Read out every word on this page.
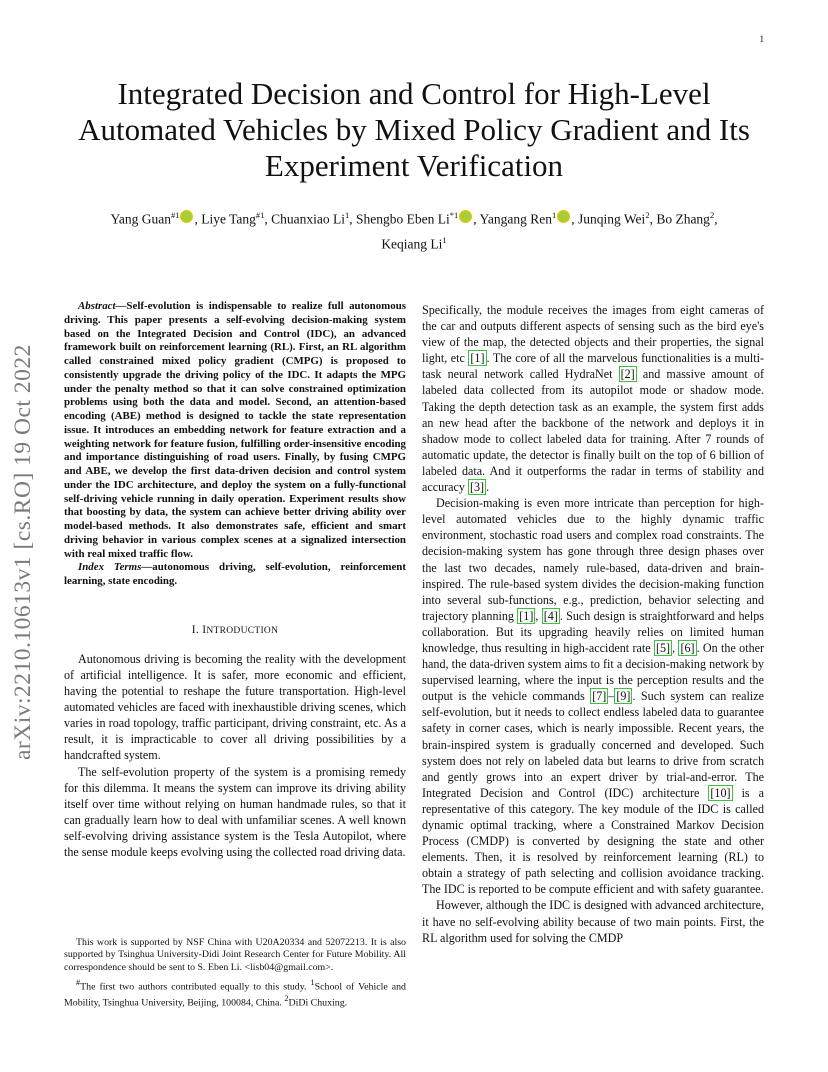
1
arXiv:2210.10613v1 [cs.RO] 19 Oct 2022
Integrated Decision and Control for High-Level Automated Vehicles by Mixed Policy Gradient and Its Experiment Verification
Yang Guan$^{\#1}$ , Liye Tang$^{\#1}$, Chuanxiao Li$^1$, Shengbo Eben Li$^{*1}$ , Yangang Ren$^1$ , Junqing Wei$^2$, Bo Zhang$^2$,
Keqiang Li$^1$

Abstract—Self-evolution is indispensable to realize full autonomous driving. This paper presents a self-evolving decision-making system based on the Integrated Decision and Control (IDC), an advanced framework built on reinforcement learning (RL). First, an RL algorithm called constrained mixed policy gradient (CMPG) is proposed to consistently upgrade the driving policy of the IDC. It adapts the MPG under the penalty method so that it can solve constrained optimization problems using both the data and model. Second, an attention-based encoding (ABE) method is designed to tackle the state representation issue. It introduces an embedding network for feature extraction and a weighting network for feature fusion, fulfilling order-insensitive encoding and importance distinguishing of road users. Finally, by fusing CMPG and ABE, we develop the first data-driven decision and control system under the IDC architecture, and deploy the system on a fully-functional self-driving vehicle running in daily operation. Experiment results show that boosting by data, the system can achieve better driving ability over model-based methods. It also demonstrates safe, efficient and smart driving behavior in various complex scenes at a signalized intersection with real mixed traffic flow.

Index Terms—autonomous driving, self-evolution, reinforcement learning, state encoding.

I. INTRODUCTION

Autonomous driving is becoming the reality with the development of artificial intelligence. It is safer, more economic and efficient, having the potential to reshape the future transportation. High-level automated vehicles are faced with inexhaustible driving scenes, which varies in road topology, traffic participant, driving constraint, etc. As a result, it is impracticable to cover all driving possibilities by a handcrafted system.

The self-evolution property of the system is a promising remedy for this dilemma. It means the system can improve its driving ability itself over time without relying on human handmade rules, so that it can gradually learn how to deal with unfamiliar scenes. A well known self-evolving driving assistance system is the Tesla Autopilot, where the sense module keeps evolving using the collected road driving data.

This work is supported by NSF China with U20A20334 and 52072213. It is also supported by Tsinghua University-Didi Joint Research Center for Future Mobility. All correspondence should be sent to S. Eben Li. <lisb04@gmail.com>.

#The first two authors contributed equally to this study. $^1$School of Vehicle and Mobility, Tsinghua University, Beijing, 100084, China. $^2$DiDi Chuxing.

Specifically, the module receives the images from eight cameras of the car and outputs different aspects of sensing such as the bird eye's view of the map, the detected objects and their properties, the signal light, etc [1] . The core of all the marvelous functionalities is a multi-task neural network called HydraNet [2] and massive amount of labeled data collected from its autopilot mode or shadow mode. Taking the depth detection task as an example, the system first adds an new head after the backbone of the network and deploys it in shadow mode to collect labeled data for training. After 7 rounds of automatic update, the detector is finally built on the top of 6 billion of labeled data. And it outperforms the radar in terms of stability and accuracy [3] .

Decision-making is even more intricate than perception for high-level automated vehicles due to the highly dynamic traffic environment, stochastic road users and complex road constraints. The decision-making system has gone through three design phases over the last two decades, namely rule-based, data-driven and brain-inspired. The rule-based system divides the decision-making function into several sub-functions, e.g., prediction, behavior selecting and trajectory planning [1] , [4] . Such design is straightforward and helps collaboration. But its upgrading heavily relies on limited human knowledge, thus resulting in high-accident rate [5] , [6] . On the other hand, the data-driven system aims to fit a decision-making network by supervised learning, where the input is the perception results and the output is the vehicle commands [7] – [9] . Such system can realize self-evolution, but it needs to collect endless labeled data to guarantee safety in corner cases, which is nearly impossible. Recent years, the brain-inspired system is gradually concerned and developed. Such system does not rely on labeled data but learns to drive from scratch and gently grows into an expert driver by trial-and-error. The Integrated Decision and Control (IDC) architecture [10] is a representative of this category. The key module of the IDC is called dynamic optimal tracking, where a Constrained Markov Decision Process (CMDP) is converted by designing the state and other elements. Then, it is resolved by reinforcement learning (RL) to obtain a strategy of path selecting and collision avoidance tracking. The IDC is reported to be compute efficient and with safety guarantee.

However, although the IDC is designed with advanced architecture, it have no self-evolving ability because of two main points. First, the RL algorithm used for solving the CMDP
